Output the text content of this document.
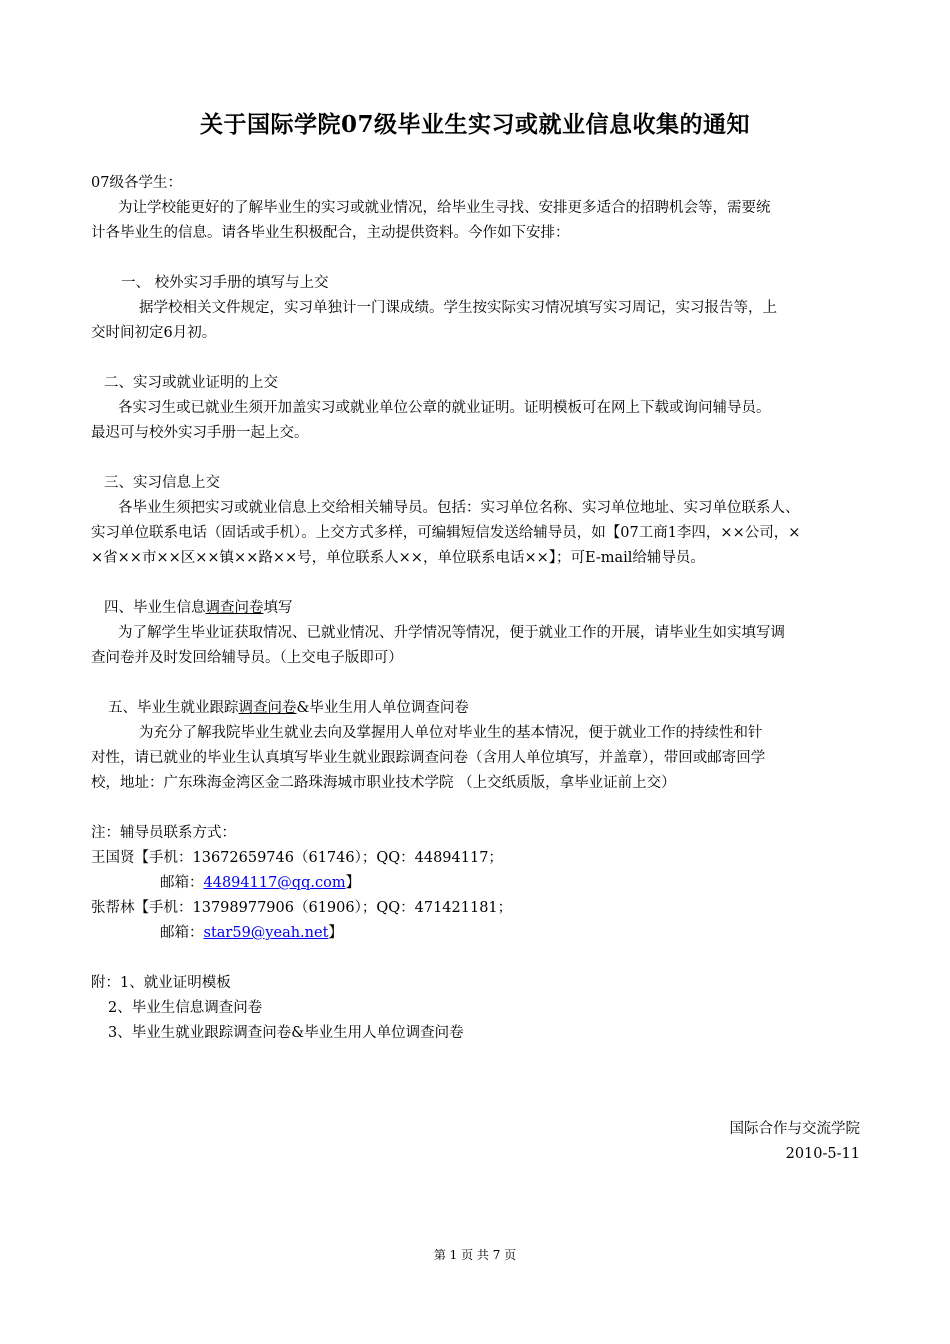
关于国际学院07级毕业生实习或就业信息收集的通知
07级各学生：
为让学校能更好的了解毕业生的实习或就业情况，给毕业生寻找、安排更多适合的招聘机会等，需要统
计各毕业生的信息。请各毕业生积极配合，主动提供资料。今作如下安排：
一、 校外实习手册的填写与上交
据学校相关文件规定，实习单独计一门课成绩。学生按实际实习情况填写实习周记，实习报告等，上
交时间初定6月初。
二、实习或就业证明的上交
各实习生或已就业生须开加盖实习或就业单位公章的就业证明。证明模板可在网上下载或询问辅导员。
最迟可与校外实习手册一起上交。
三、实习信息上交
各毕业生须把实习或就业信息上交给相关辅导员。包括：实习单位名称、实习单位地址、实习单位联系人、
实习单位联系电话（固话或手机）。上交方式多样，可编辑短信发送给辅导员，如【07工商1李四，××公司，×
×省××市××区××镇××路××号，单位联系人××，单位联系电话××】；可E-mail给辅导员。
四、毕业生信息调查问卷填写
为了解学生毕业证获取情况、已就业情况、升学情况等情况，便于就业工作的开展，请毕业生如实填写调
查问卷并及时发回给辅导员。（上交电子版即可）
五、毕业生就业跟踪调查问卷&毕业生用人单位调查问卷
为充分了解我院毕业生就业去向及掌握用人单位对毕业生的基本情况，便于就业工作的持续性和针
对性，请已就业的毕业生认真填写毕业生就业跟踪调查问卷（含用人单位填写，并盖章），带回或邮寄回学
校，地址：广东珠海金湾区金二路珠海城市职业技术学院 （上交纸质版，拿毕业证前上交）
注：辅导员联系方式：
王国贤【手机：13672659746（61746）；QQ：44894117；
邮箱：44894117@qq.com】
张帮林【手机：13798977906（61906）；QQ：471421181；
邮箱：star59@yeah.net】
附：1、就业证明模板
2、毕业生信息调查问卷
3、毕业生就业跟踪调查问卷&毕业生用人单位调查问卷
国际合作与交流学院
2010-5-11
第 1 页 共 7 页
